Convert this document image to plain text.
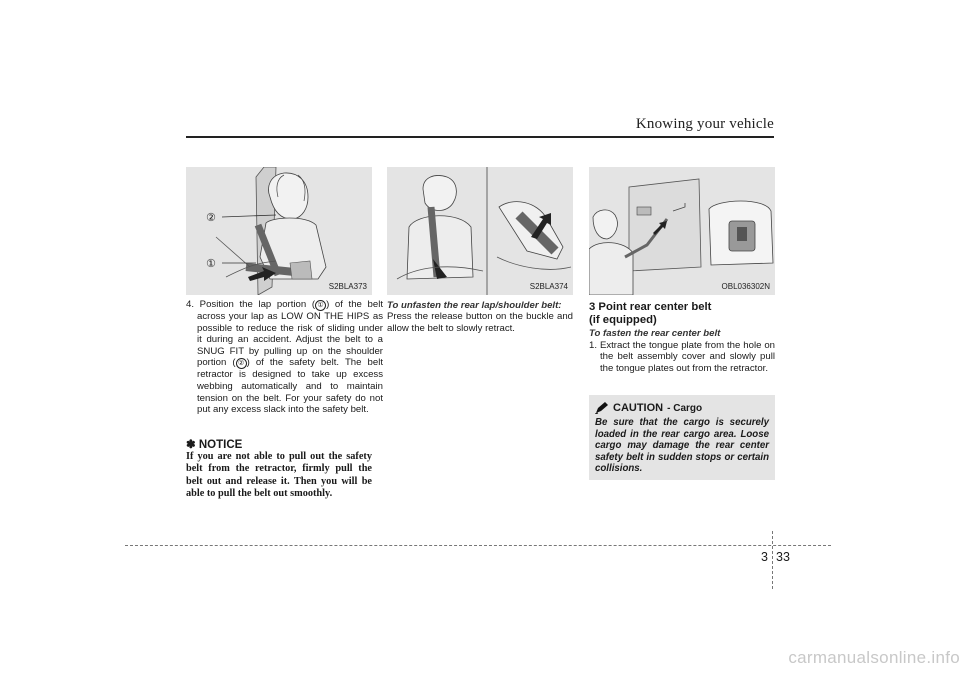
Knowing your vehicle
②
①
S2BLA373	S2BLA374	OBL036302N
4. Position the lap portion ( ① ) of the belt across your lap as LOW ON THE HIPS as possible to reduce the risk of sliding under it during an accident. Adjust the belt to a SNUG FIT by pulling up on the shoulder portion ( ② ) of the safety belt. The belt retractor is designed to take up excess webbing automatically and to maintain tension on the belt. For your safety do not put any excess slack into the safety belt.
✽ NOTICE
If you are not able to pull out the safety belt from the retractor, firmly pull the belt out and release it. Then you will be able to pull the belt out smoothly.
To unfasten the rear lap/shoulder belt:
Press the release button on the buckle and allow the belt to slowly retract.
3 Point rear center belt
(if equipped)
To fasten the rear center belt
1. Extract the tongue plate from the hole on the belt assembly cover and slowly pull the tongue plates out from the retractor.
CAUTION - Cargo
Be sure that the cargo is securely loaded in the rear cargo area. Loose cargo may damage the rear center safety belt in sudden stops or certain collisions.
3 33
carmanualsonline.info
